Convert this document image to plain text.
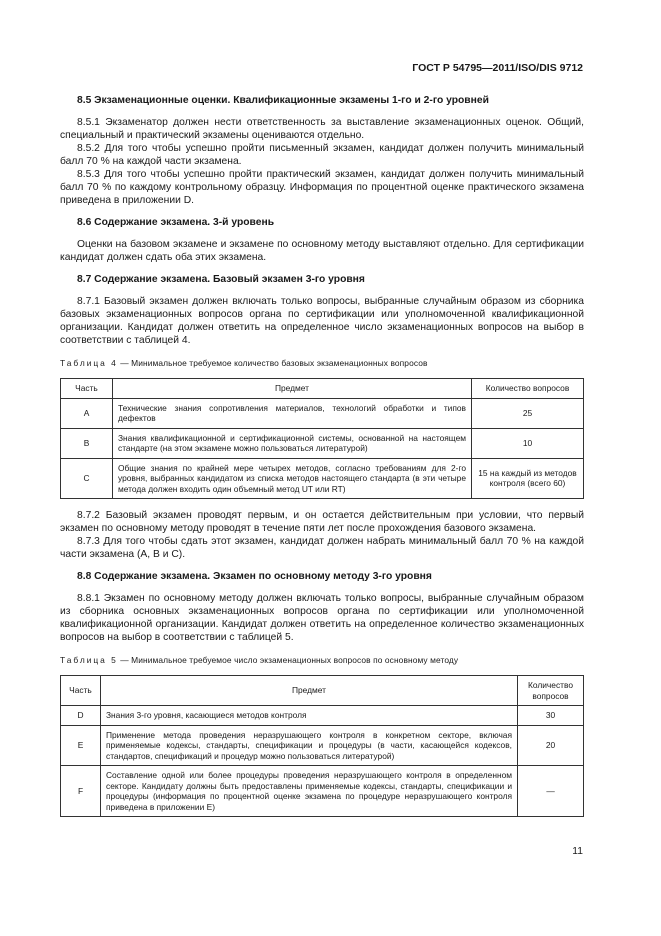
ГОСТ Р 54795—2011/ISO/DIS 9712
8.5 Экзаменационные оценки. Квалификационные экзамены 1-го и 2-го уровней

8.5.1 Экзаменатор должен нести ответственность за выставление экзаменационных оценок. Общий, специальный и практический экзамены оцениваются отдельно.

8.5.2 Для того чтобы успешно пройти письменный экзамен, кандидат должен получить минимальный балл 70 % на каждой части экзамена.

8.5.3 Для того чтобы успешно пройти практический экзамен, кандидат должен получить минимальный балл 70 % по каждому контрольному образцу. Информация по процентной оценке практического экзамена приведена в приложении D.

8.6 Содержание экзамена. 3-й уровень

Оценки на базовом экзамене и экзамене по основному методу выставляют отдельно. Для сертификации кандидат должен сдать оба этих экзамена.

8.7 Содержание экзамена. Базовый экзамен 3-го уровня

8.7.1 Базовый экзамен должен включать только вопросы, выбранные случайным образом из сборника базовых экзаменационных вопросов органа по сертификации или уполномоченной квалификационной организации. Кандидат должен ответить на определенное число экзаменационных вопросов на выбор в соответствии с таблицей 4.

Таблица 4 — Минимальное требуемое количество базовых экзаменационных вопросов
Часть	Предмет	Количество вопросов
А	Технические знания сопротивления материалов, технологий обработки и типов дефектов	25
В	Знания квалификационной и сертификационной системы, основанной на настоящем стандарте (на этом экзамене можно пользоваться литературой)	10
С	Общие знания по крайней мере четырех методов, согласно требованиям для 2-го уровня, выбранных кандидатом из списка методов настоящего стандарта (в эти четыре метода должен входить один объемный метод UT или RT)	15 на каждый из методов контроля (всего 60)

8.7.2 Базовый экзамен проводят первым, и он остается действительным при условии, что первый экзамен по основному методу проводят в течение пяти лет после прохождения базового экзамена.

8.7.3 Для того чтобы сдать этот экзамен, кандидат должен набрать минимальный балл 70 % на каждой части экзамена (А, В и С).

8.8 Содержание экзамена. Экзамен по основному методу 3-го уровня

8.8.1 Экзамен по основному методу должен включать только вопросы, выбранные случайным образом из сборника основных экзаменационных вопросов органа по сертификации или уполномоченной квалификационной организации. Кандидат должен ответить на определенное количество экзаменационных вопросов на выбор в соответствии с таблицей 5.

Таблица 5 — Минимальное требуемое число экзаменационных вопросов по основному методу
Часть	Предмет	Количество вопросов
D	Знания 3-го уровня, касающиеся методов контроля	30
Е	Применение метода проведения неразрушающего контроля в конкретном секторе, включая применяемые кодексы, стандарты, спецификации и процедуры (в части, касающейся кодексов, стандартов, спецификаций и процедур можно пользоваться литературой)	20
F	Составление одной или более процедуры проведения неразрушающего контроля в определенном секторе. Кандидату должны быть предоставлены применяемые кодексы, стандарты, спецификации и процедуры (информация по процентной оценке экзамена по процедуре неразрушающего контроля приведена в приложении Е)	—
11
